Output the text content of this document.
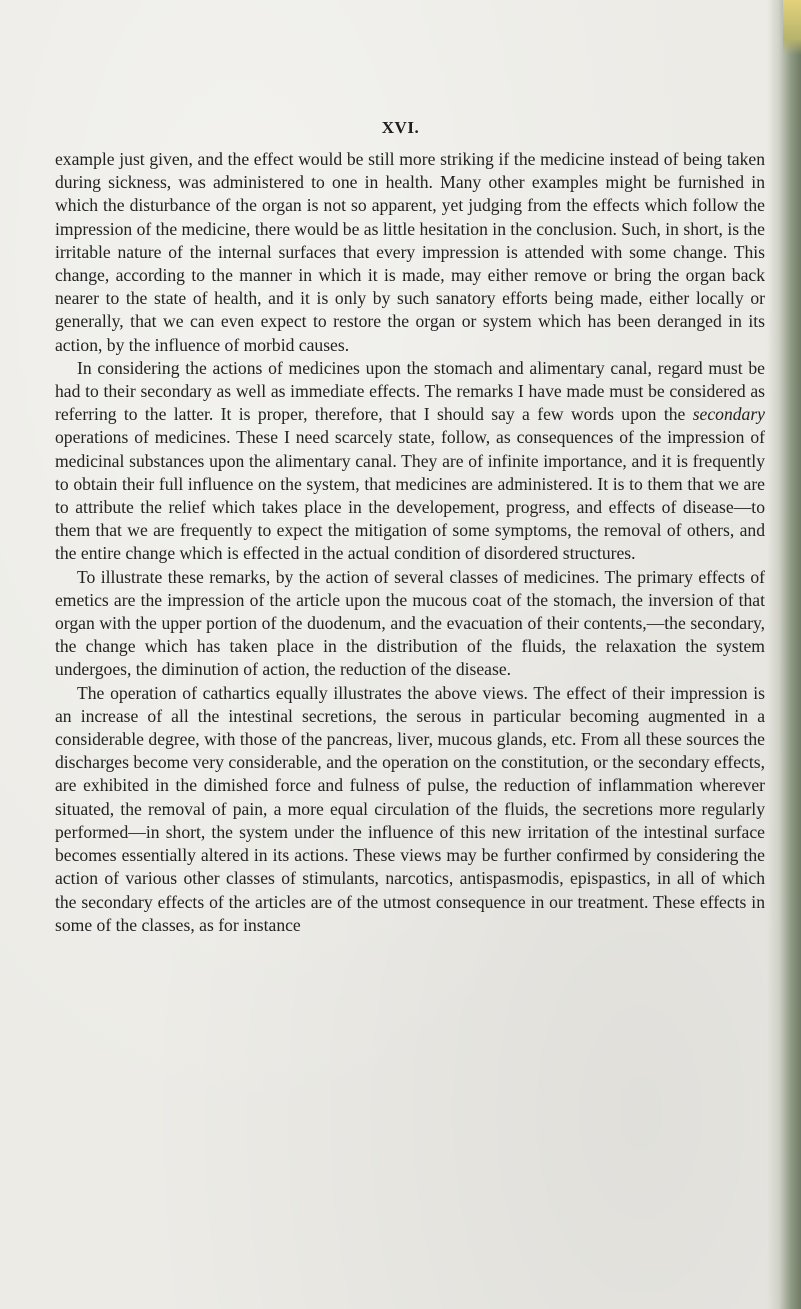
XVI.

example just given, and the effect would be still more striking if the medicine instead of being taken during sickness, was administered to one in health. Many other examples might be furnished in which the disturbance of the organ is not so apparent, yet judging from the effects which follow the impression of the medicine, there would be as little hesitation in the conclusion. Such, in short, is the irritable nature of the internal surfaces that every impression is attended with some change. This change, according to the manner in which it is made, may either remove or bring the organ back nearer to the state of health, and it is only by such sanatory efforts being made, either locally or generally, that we can even expect to restore the organ or system which has been deranged in its action, by the influence of morbid causes.

In considering the actions of medicines upon the stomach and alimentary canal, regard must be had to their secondary as well as immediate effects. The remarks I have made must be considered as referring to the latter. It is proper, therefore, that I should say a few words upon the secondary operations of medicines. These I need scarcely state, follow, as consequences of the impression of medicinal substances upon the alimentary canal. They are of infinite importance, and it is frequently to obtain their full influence on the system, that medicines are administered. It is to them that we are to attribute the relief which takes place in the developement, progress, and effects of disease—to them that we are frequently to expect the mitigation of some symptoms, the removal of others, and the entire change which is effected in the actual condition of disordered structures.

To illustrate these remarks, by the action of several classes of medicines. The primary effects of emetics are the impression of the article upon the mucous coat of the stomach, the inversion of that organ with the upper portion of the duodenum, and the evacuation of their contents,—the secondary, the change which has taken place in the distribution of the fluids, the relaxation the system undergoes, the diminution of action, the reduction of the disease.

The operation of cathartics equally illustrates the above views. The effect of their impression is an increase of all the intestinal secretions, the serous in particular becoming augmented in a considerable degree, with those of the pancreas, liver, mucous glands, etc. From all these sources the discharges become very considerable, and the operation on the constitution, or the secondary effects, are exhibited in the dimished force and fulness of pulse, the reduction of inflammation wherever situated, the removal of pain, a more equal circulation of the fluids, the secretions more regularly performed—in short, the system under the influence of this new irritation of the intestinal surface becomes essentially altered in its actions. These views may be further confirmed by considering the action of various other classes of stimulants, narcotics, antispasmodis, epispastics, in all of which the secondary effects of the articles are of the utmost consequence in our treatment. These effects in some of the classes, as for instance
